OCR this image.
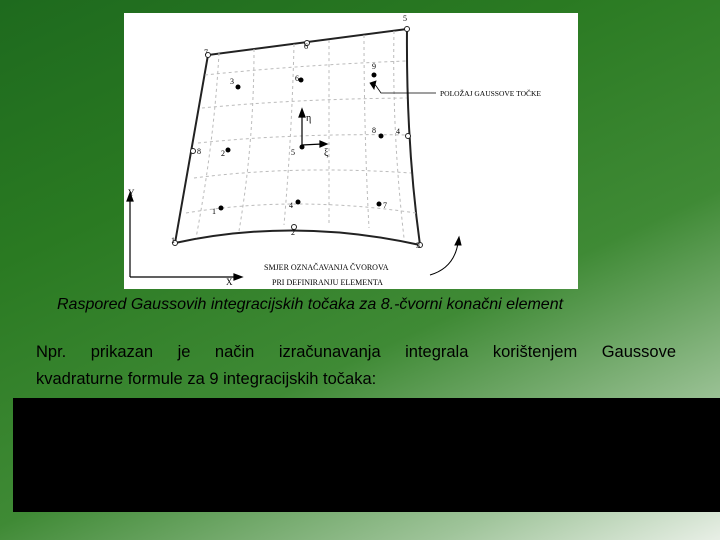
1
2
3
4
5
6
7
8
1
2
3
4
5
6
7
8
9
η
ξ
POLOŽAJ GAUSSOVE TOČKE
Y
X
SMJER OZNAČAVANJA ČVOROVA
PRI DEFINIRANJU ELEMENTA
Raspored Gaussovih integracijskih točaka za 8.-čvorni konačni element
Npr. prikazan je način izračunavanja integrala korištenjem Gaussove
kvadraturne formule za 9 integracijskih točaka:
